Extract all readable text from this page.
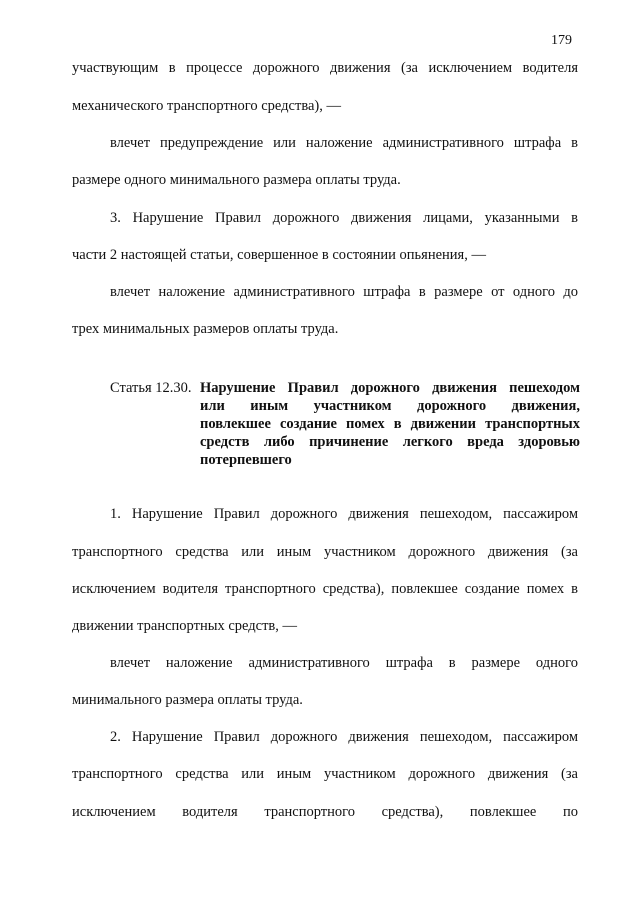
179
участвующим в процессе дорожного движения (за исключением водителя
механического транспортного средства), —
влечет предупреждение или наложение административного штрафа в
размере одного минимального размера оплаты труда.
3. Нарушение Правил дорожного движения лицами, указанными в
части 2 настоящей статьи, совершенное в состоянии опьянения, —
влечет наложение административного штрафа в размере от одного до
трех минимальных размеров оплаты труда.
Статья 12.30. Нарушение Правил дорожного движения пешеходом
или иным участником дорожного движения,
повлекшее создание помех в движении транспортных
средств либо причинение легкого вреда здоровью
потерпевшего
1. Нарушение Правил дорожного движения пешеходом, пассажиром
транспортного средства или иным участником дорожного движения (за
исключением водителя транспортного средства), повлекшее создание помех в
движении транспортных средств, —
влечет наложение административного штрафа в размере одного
минимального размера оплаты труда.
2. Нарушение Правил дорожного движения пешеходом, пассажиром
транспортного средства или иным участником дорожного движения (за
исключением водителя транспортного средства), повлекшее по
